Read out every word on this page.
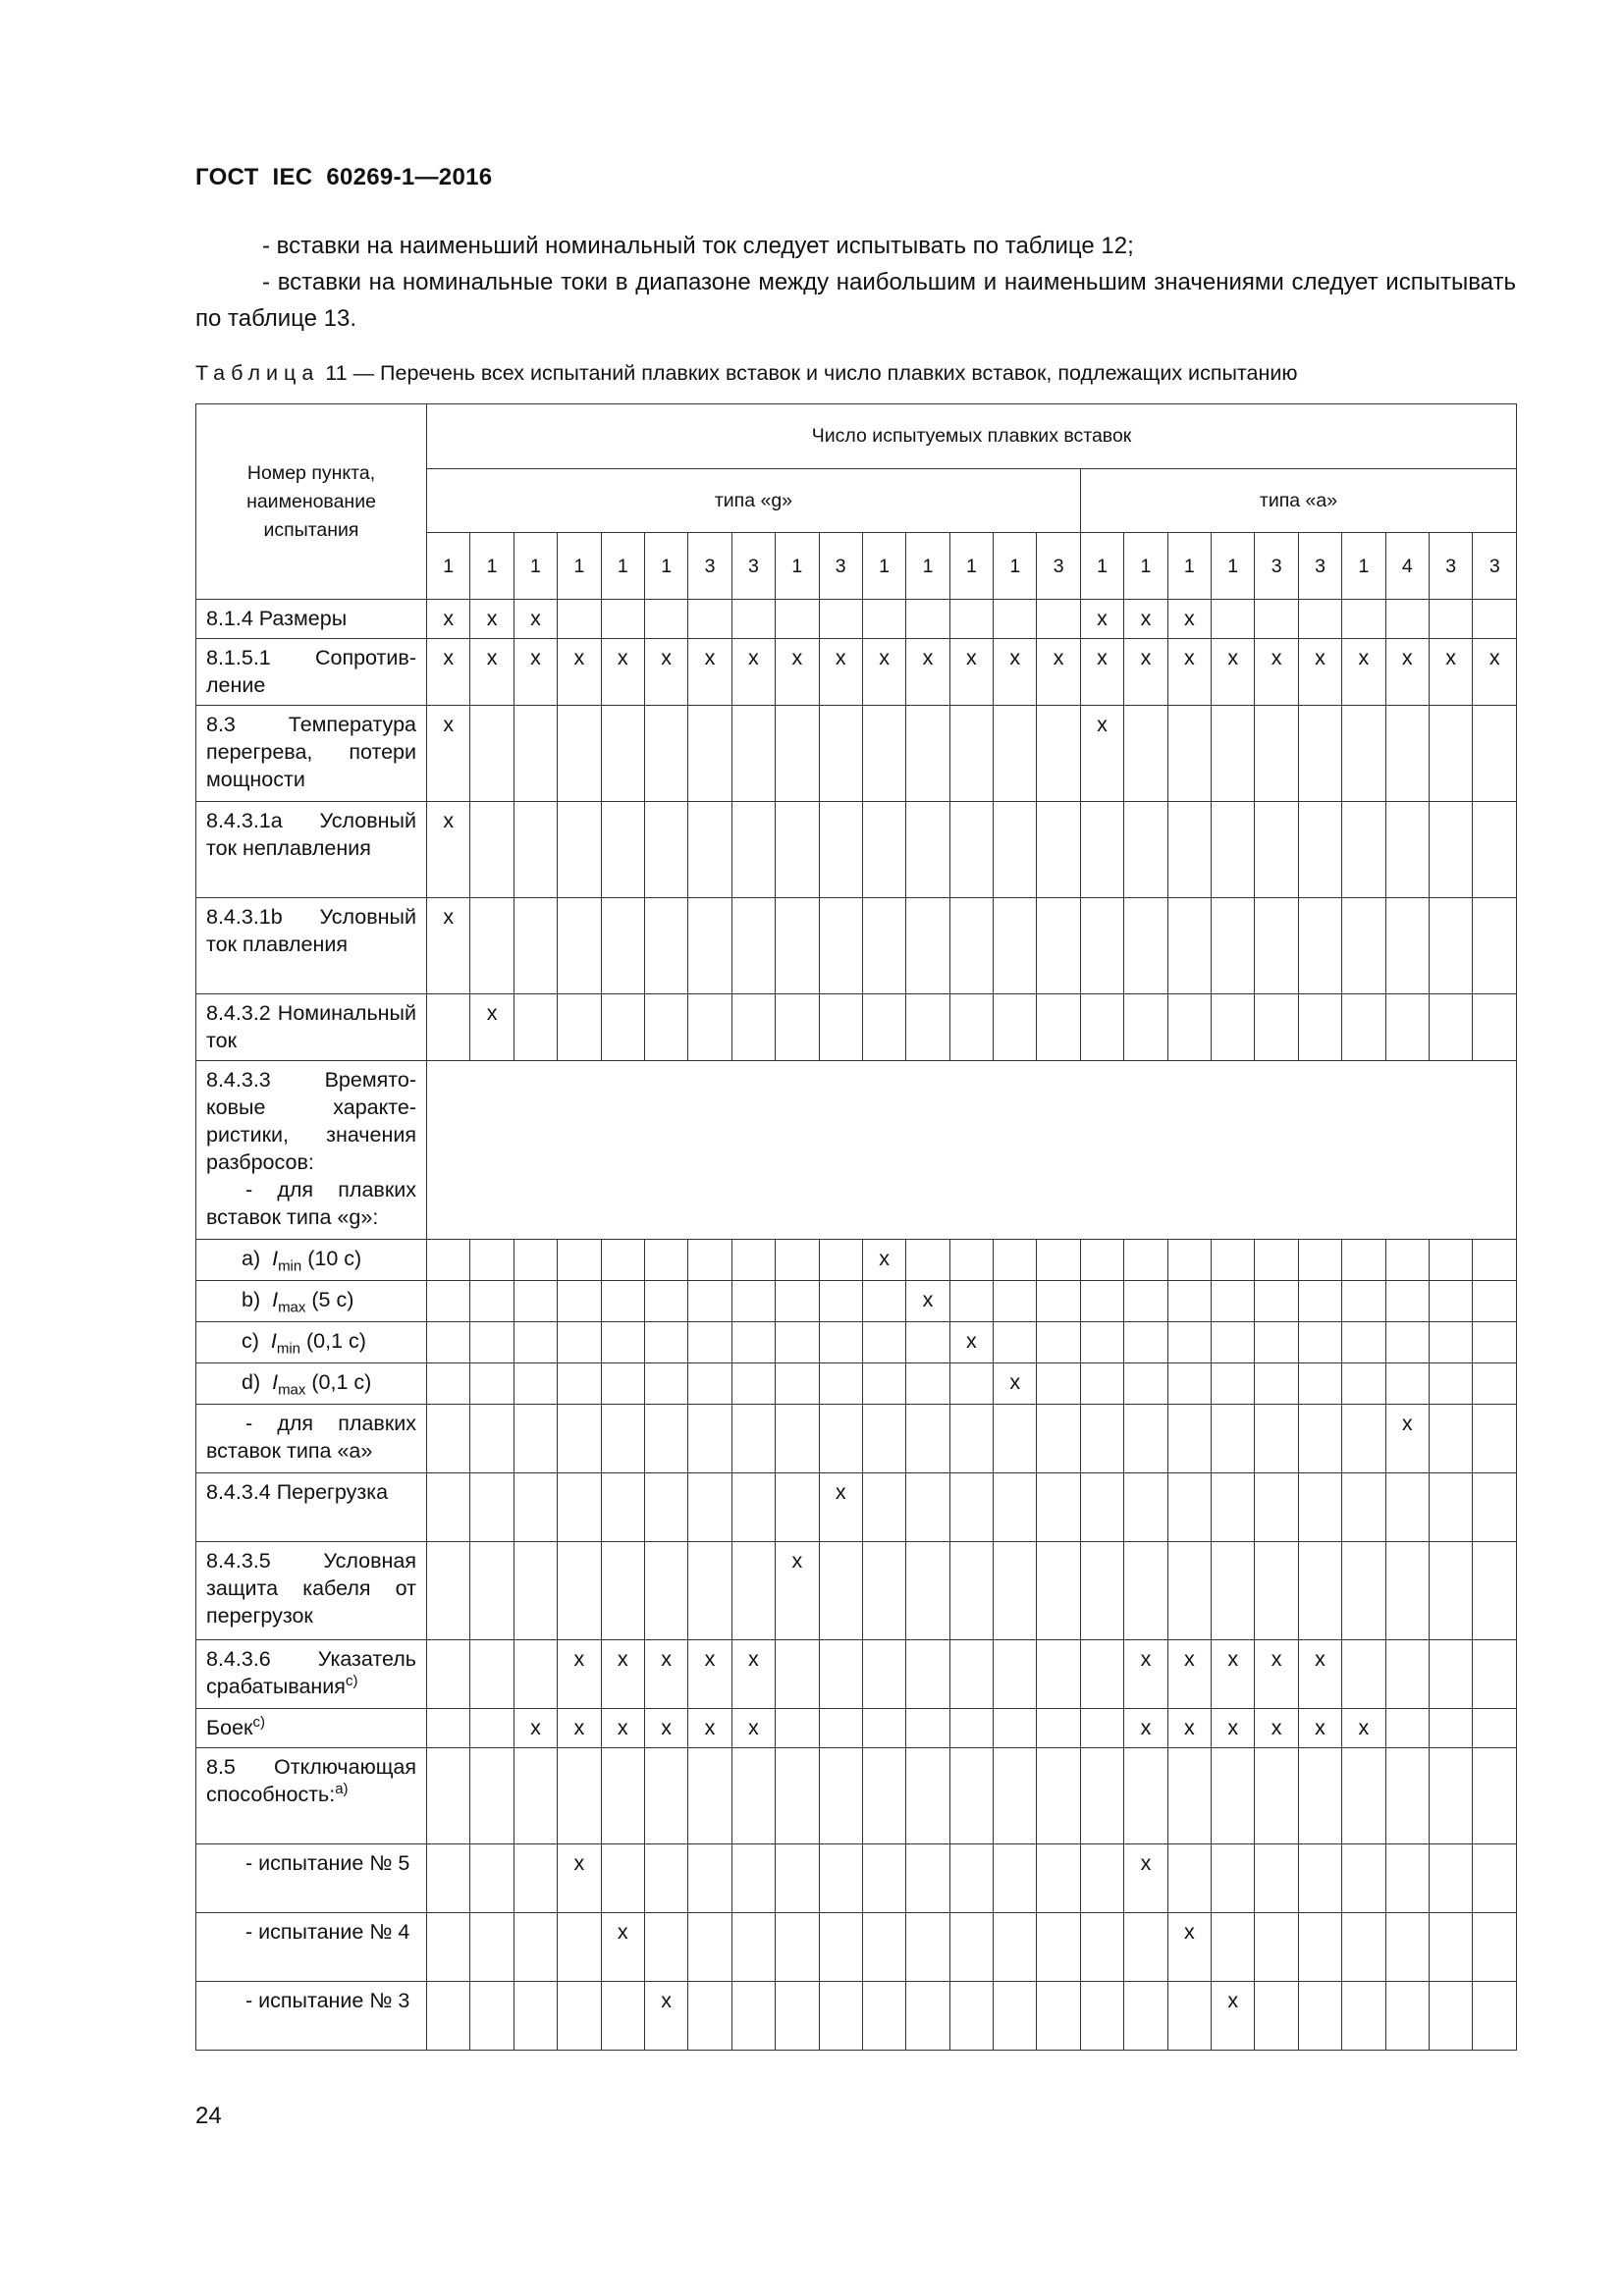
ГОСТ  IEC  60269-1—2016

- вставки на наименьший номинальный ток следует испытывать по таблице 12;

- вставки на номинальные токи в диапазоне между наибольшим и наименьшим значениями следует испытывать по таблице 13.

Таблица 11 — Перечень всех испытаний плавких вставок и число плавких вставок, подлежащих испытанию
Номер пункта, наименование испытания	Число испытуемых плавких вставок																								
	типа «g»															типа «a»									
	1	1	1	1	1	1	3	3	1	3	1	1	1	1	3	1	1	1	1	3	3	1	4	3	3
8.1.4 Размеры	x	x	x													x	x	x							
8.1.5.1 Сопротивление	x	x	x	x	x	x	x	x	x	x	x	x	x	x	x	x	x	x	x	x	x	x	x	x	x
8.3 Температура перегрева, потери мощности	x															x									
8.4.3.1a Условный ток неплавления	x																								
8.4.3.1b Условный ток плавления	x																								
8.4.3.2 Номинальный ток		x																							
8.4.3.3 Времятоковые характеристики, значения разбросов:
- для плавких вставок типа «g»:																									

a)  $I_{min}$ (10 с)											x														
b)  $I_{max}$ (5 с)												x													
c)  $I_{min}$ (0,1 с)													x												
d)  $I_{max}$ (0,1 с)														x											

- для плавких вставок типа «a»																							x		
8.4.3.4 Перегрузка										x															
8.4.3.5 Условная защита кабеля от перегрузок									x																
8.4.3.6 Указатель срабатывания$^{c)}$				x	x	x	x	x									x	x	x	x	x				
Боек$^{c)}$			x	x	x	x	x	x									x	x	x	x	x	x			
8.5 Отключающая способность:$^{a)}$																									

- испытание № 5				x													x								

- испытание № 4					x													x							

- испытание № 3						x													x						
24
